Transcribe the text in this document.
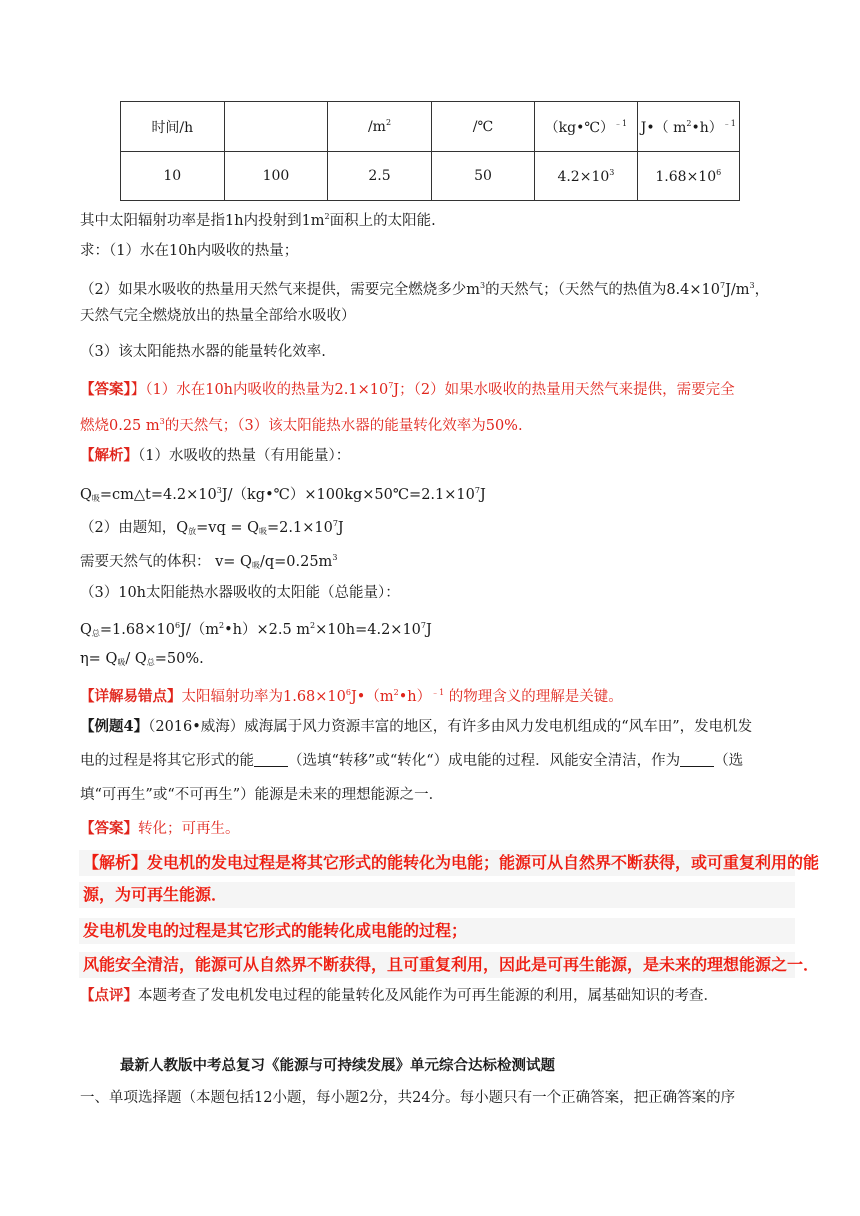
时间/h		$/m^2$	/℃	（kg•℃）$^{﹣1}$	J•（ $m^2•h)^{﹣1}$
10	100	2.5	50	$4.2\times 10^3$	$1.68\times 10^6$
其中太阳辐射功率是指1h内投射到$1m^2$面积上的太阳能.
求：（1）水在10h内吸收的热量；
（2）如果水吸收的热量用天然气来提供，需要完全燃烧多少$m^3$的天然气；（天然气的热值为$8.4\times 10^7J/m^3$，
天然气完全燃烧放出的热量全部给水吸收）
（3）该太阳能热水器的能量转化效率.
【答案】】（1）水在10h内吸收的热量为$2.1\times 10^7J$；（2）如果水吸收的热量用天然气来提供，需要完全
燃烧0.25 $m^3$的天然气；（3）该太阳能热水器的能量转化效率为50%.
【解析】（1）水吸收的热量（有用能量）：
$Q_吸=cm\triangle t=4.2\times 10^3J/(kg•℃)\times 100kg\times 50℃=2.1\times 10^7J$
（2）由题知，$Q_放=vq = Q_吸=2.1\times 10^7J$
需要天然气的体积： $v= Q_吸/q=0.25m^3$
（3）10h太阳能热水器吸收的太阳能（总能量）：
$Q_总=1.68\times 10^6J/(m^2•h)\times 2.5$ $m^2\times 10h=4.2\times 10^7J$
$\eta= Q_吸/$ $Q_总=50\%$.
【详解易错点】太阳辐射功率为$1.68\times 10^6J•(m^2•h)^{﹣1}$ 的物理含义的理解是关键。
【例题4】（2016•威海）威海属于风力资源丰富的地区，有许多由风力发电机组成的“风车田”，发电机发
电的过程是将其它形式的能 （选填“转移”或“转化“）成电能的过程．风能安全清洁，作为 （选
填“可再生”或“不可再生”）能源是未来的理想能源之一．
【答案】转化；可再生。
【解析】发电机的发电过程是将其它形式的能转化为电能；能源可从自然界不断获得，或可重复利用的能
源，为可再生能源．
发电机发电的过程是其它形式的能转化成电能的过程；
风能安全清洁，能源可从自然界不断获得，且可重复利用，因此是可再生能源，是未来的理想能源之一．
【点评】本题考查了发电机发电过程的能量转化及风能作为可再生能源的利用，属基础知识的考查．
最新人教版中考总复习《能源与可持续发展》单元综合达标检测试题
一、单项选择题（本题包括12小题，每小题2分，共24分。每小题只有一个正确答案，把正确答案的序
